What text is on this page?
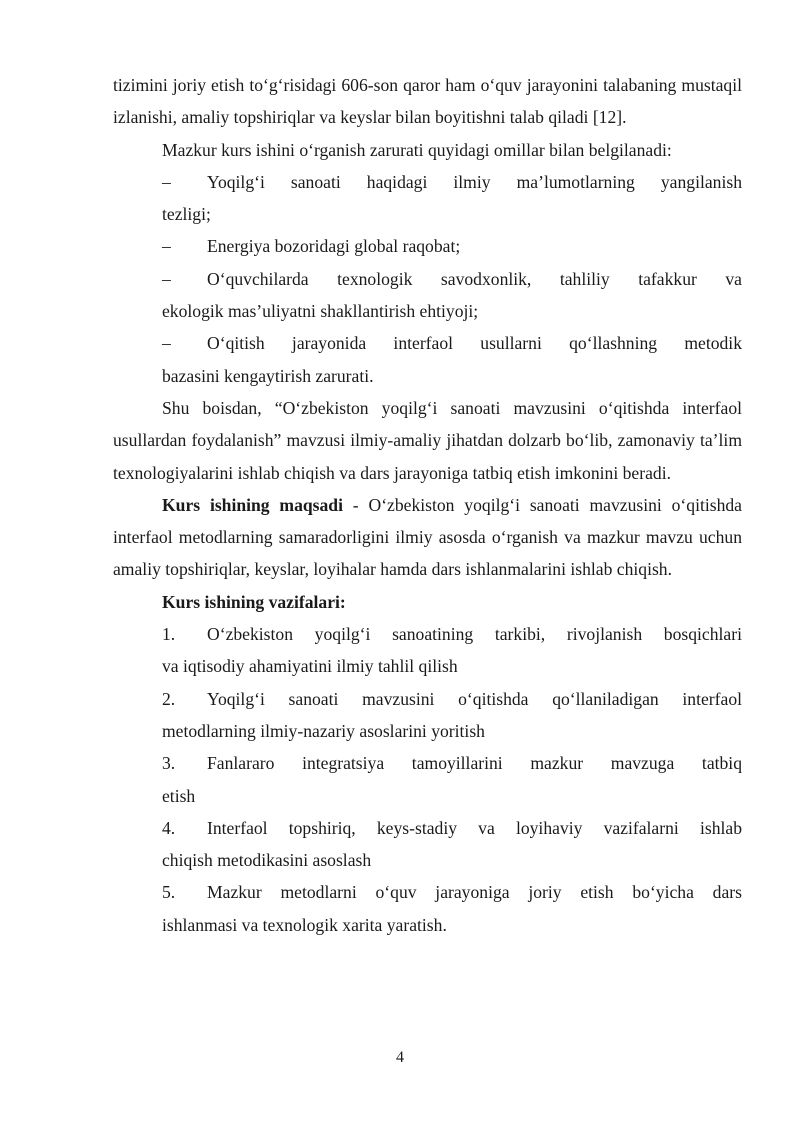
tizimini joriy etish to‘g‘risidagi 606-son qaror ham o‘quv jarayonini talabaning mustaqil izlanishi, amaliy topshiriqlar va keyslar bilan boyitishni talab qiladi [12].

Mazkur kurs ishini o‘rganish zarurati quyidagi omillar bilan belgilanadi:

–	Yoqilg‘i sanoati haqidagi ilmiy ma’lumotlarning yangilanish
tezligi;
–	Energiya bozoridagi global raqobat;
–	O‘quvchilarda texnologik savodxonlik, tahliliy tafakkur va
ekologik mas’uliyatni shakllantirish ehtiyoji;
–	O‘qitish jarayonida interfaol usullarni qo‘llashning metodik
bazasini kengaytirish zarurati.

Shu boisdan, “O‘zbekiston yoqilg‘i sanoati mavzusini o‘qitishda interfaol usullardan foydalanish” mavzusi ilmiy-amaliy jihatdan dolzarb bo‘lib, zamonaviy ta’lim texnologiyalarini ishlab chiqish va dars jarayoniga tatbiq etish imkonini beradi.

Kurs ishining maqsadi - O‘zbekiston yoqilg‘i sanoati mavzusini o‘qitishda interfaol metodlarning samaradorligini ilmiy asosda o‘rganish va mazkur mavzu uchun amaliy topshiriqlar, keyslar, loyihalar hamda dars ishlanmalarini ishlab chiqish.

Kurs ishining vazifalari:

1.	O‘zbekiston yoqilg‘i sanoatining tarkibi, rivojlanish bosqichlari
va iqtisodiy ahamiyatini ilmiy tahlil qilish
2.	Yoqilg‘i sanoati mavzusini o‘qitishda qo‘llaniladigan interfaol
metodlarning ilmiy-nazariy asoslarini yoritish
3.	Fanlararo integratsiya tamoyillarini mazkur mavzuga tatbiq
etish
4.	Interfaol topshiriq, keys-stadiy va loyihaviy vazifalarni ishlab
chiqish metodikasini asoslash
5.	Mazkur metodlarni o‘quv jarayoniga joriy etish bo‘yicha dars
ishlanmasi va texnologik xarita yaratish.
4
